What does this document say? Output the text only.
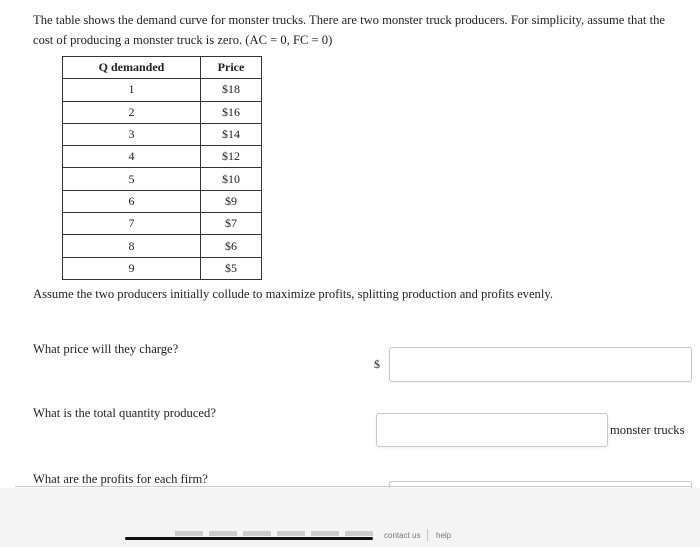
The table shows the demand curve for monster trucks. There are two monster truck producers. For simplicity, assume that the
cost of producing a monster truck is zero. (AC = 0, FC = 0)
Q demanded	Price
1	$18
2	$16
3	$14
4	$12
5	$10
6	$9
7	$7
8	$6
9	$5
Assume the two producers initially collude to maximize profits, splitting production and profits evenly.
What price will they charge?
$
What is the total quantity produced?
monster trucks
What are the profits for each firm?
contact us help
